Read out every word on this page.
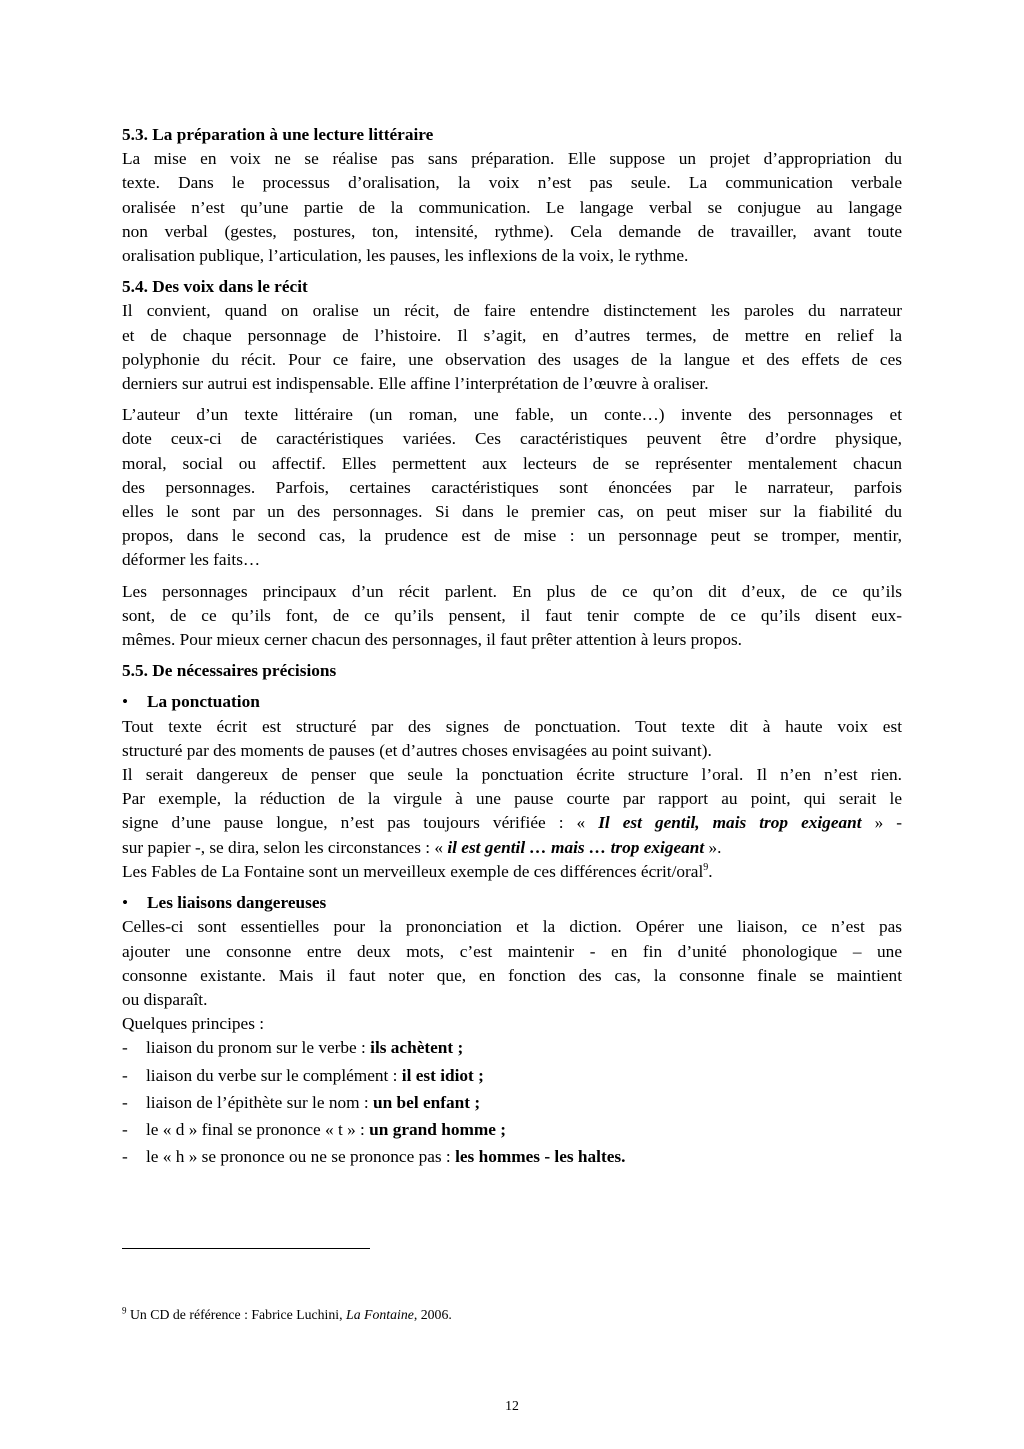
5.3. La préparation à une lecture littéraire
La mise en voix ne se réalise pas sans préparation. Elle suppose un projet d’appropriation du
texte. Dans le processus d’oralisation, la voix n’est pas seule. La communication verbale
oralisée n’est qu’une partie de la communication. Le langage verbal se conjugue au langage
non verbal (gestes, postures, ton, intensité, rythme). Cela demande de travailler, avant toute
oralisation publique, l’articulation, les pauses, les inflexions de la voix, le rythme.
5.4. Des voix dans le récit
Il convient, quand on oralise un récit, de faire entendre distinctement les paroles du narrateur
et de chaque personnage de l’histoire. Il s’agit, en d’autres termes, de mettre en relief la
polyphonie du récit. Pour ce faire, une observation des usages de la langue et des effets de ces
derniers sur autrui est indispensable. Elle affine l’interprétation de l’œuvre à oraliser.
L’auteur d’un texte littéraire (un roman, une fable, un conte…) invente des personnages et
dote ceux-ci de caractéristiques variées. Ces caractéristiques peuvent être d’ordre physique,
moral, social ou affectif. Elles permettent aux lecteurs de se représenter mentalement chacun
des personnages. Parfois, certaines caractéristiques sont énoncées par le narrateur, parfois
elles le sont par un des personnages. Si dans le premier cas, on peut miser sur la fiabilité du
propos, dans le second cas, la prudence est de mise : un personnage peut se tromper, mentir,
déformer les faits…
Les personnages principaux d’un récit parlent. En plus de ce qu’on dit d’eux, de ce qu’ils
sont, de ce qu’ils font, de ce qu’ils pensent, il faut tenir compte de ce qu’ils disent eux-
mêmes. Pour mieux cerner chacun des personnages, il faut prêter attention à leurs propos.
5.5. De nécessaires précisions
• La ponctuation
Tout texte écrit est structuré par des signes de ponctuation. Tout texte dit à haute voix est
structuré par des moments de pauses (et d’autres choses envisagées au point suivant).
Il serait dangereux de penser que seule la ponctuation écrite structure l’oral. Il n’en n’est rien.
Par exemple, la réduction de la virgule à une pause courte par rapport au point, qui serait le
signe d’une pause longue, n’est pas toujours vérifiée : « Il est gentil, mais trop exigeant » -
sur papier -, se dira, selon les circonstances : « il est gentil … mais … trop exigeant ».
Les Fables de La Fontaine sont un merveilleux exemple de ces différences écrit/oral$^9$.
• Les liaisons dangereuses
Celles-ci sont essentielles pour la prononciation et la diction. Opérer une liaison, ce n’est pas
ajouter une consonne entre deux mots, c’est maintenir - en fin d’unité phonologique – une
consonne existante. Mais il faut noter que, en fonction des cas, la consonne finale se maintient
ou disparaît.
Quelques principes :
- liaison du pronom sur le verbe : ils achètent ;
- liaison du verbe sur le complément : il est idiot ;
- liaison de l’épithète sur le nom : un bel enfant ;
- le « d » final se prononce « t » : un grand homme ;
- le « h » se prononce ou ne se prononce pas : les hommes - les haltes.
$^9$ Un CD de référence : Fabrice Luchini, La Fontaine, 2006.
12
